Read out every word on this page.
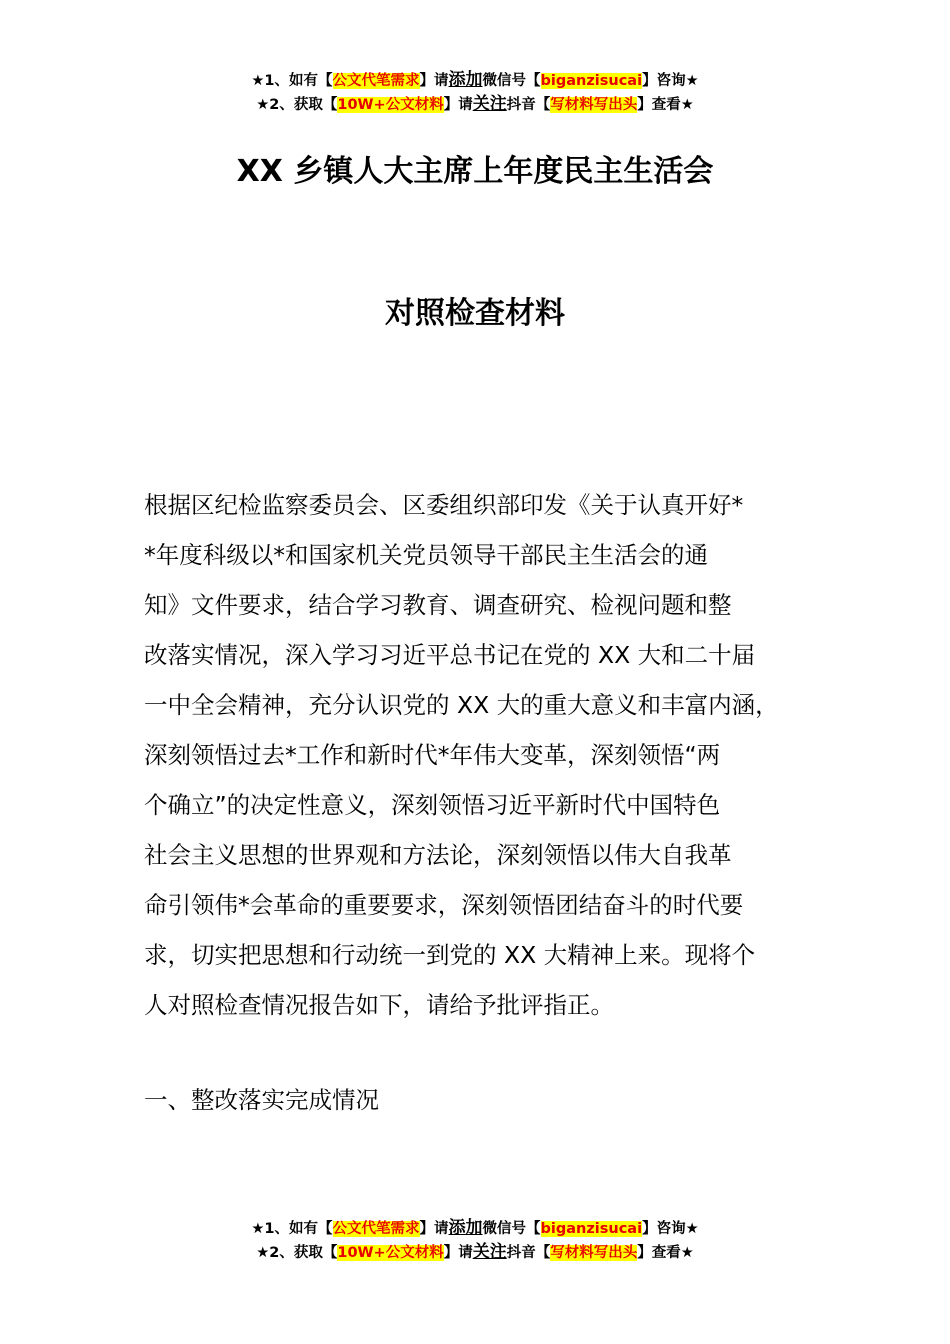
★1、如有【公文代笔需求】请添加微信号【biganzisucai】咨询★
★2、获取【10W+公文材料】请关注抖音【写材料写出头】查看★
XX 乡镇人大主席上年度民主生活会
对照检查材料
根据区纪检监察委员会、区委组织部印发《关于认真开好*
*年度科级以*和国家机关党员领导干部民主生活会的通
知》文件要求，结合学习教育、调查研究、检视问题和整
改落实情况，深入学习习近平总书记在党的 XX 大和二十届
一中全会精神，充分认识党的 XX 大的重大意义和丰富内涵，
深刻领悟过去*工作和新时代*年伟大变革，深刻领悟“两
个确立”的决定性意义，深刻领悟习近平新时代中国特色
社会主义思想的世界观和方法论，深刻领悟以伟大自我革
命引领伟*会革命的重要要求，深刻领悟团结奋斗的时代要
求，切实把思想和行动统一到党的 XX 大精神上来。现将个
人对照检查情况报告如下，请给予批评指正。
一、整改落实完成情况
★1、如有【公文代笔需求】请添加微信号【biganzisucai】咨询★
★2、获取【10W+公文材料】请关注抖音【写材料写出头】查看★
